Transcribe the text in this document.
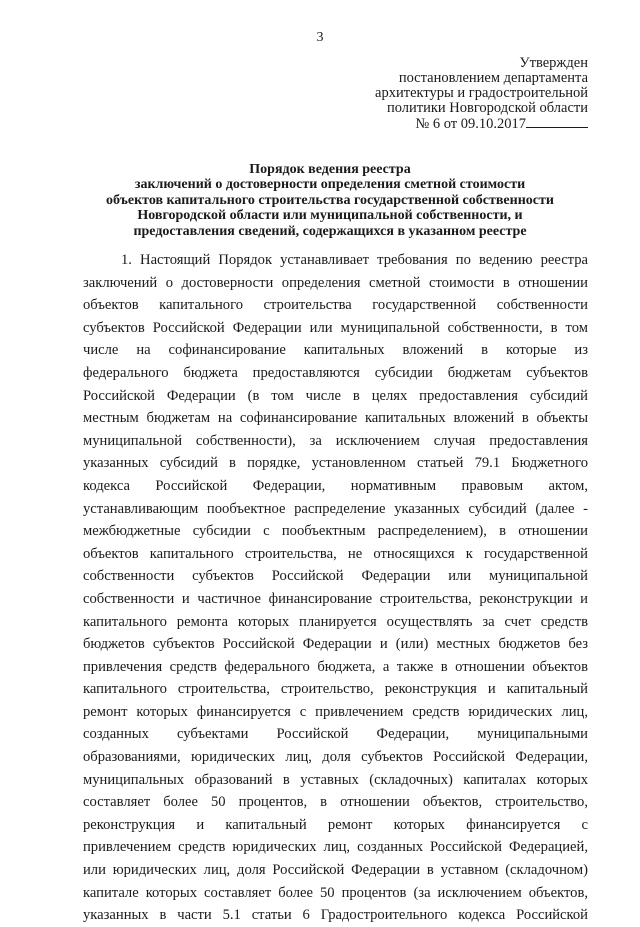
3
Утвержден
постановлением департамента
архитектуры и градостроительной
политики Новгородской области
№ 6 от 09.10.2017
Порядок ведения реестра
заключений о достоверности определения сметной стоимости
объектов капитального строительства государственной собственности
Новгородской области или муниципальной собственности, и
предоставления сведений, содержащихся в указанном реестре
1. Настоящий Порядок устанавливает требования по ведению реестра
заключений о достоверности определения сметной стоимости в отношении
объектов капитального строительства государственной собственности
субъектов Российской Федерации или муниципальной собственности, в том
числе на софинансирование капитальных вложений в которые из
федерального бюджета предоставляются субсидии бюджетам субъектов
Российской Федерации (в том числе в целях предоставления субсидий
местным бюджетам на софинансирование капитальных вложений в объекты
муниципальной собственности), за исключением случая предоставления
указанных субсидий в порядке, установленном статьей 79.1 Бюджетного
кодекса Российской Федерации, нормативным правовым актом,
устанавливающим пообъектное распределение указанных субсидий (далее -
межбюджетные субсидии с пообъектным распределением), в отношении
объектов капитального строительства, не относящихся к государственной
собственности субъектов Российской Федерации или муниципальной
собственности и частичное финансирование строительства, реконструкции и
капитального ремонта которых планируется осуществлять за счет средств
бюджетов субъектов Российской Федерации и (или) местных бюджетов без
привлечения средств федерального бюджета, а также в отношении объектов
капитального строительства, строительство, реконструкция и капитальный
ремонт которых финансируется с привлечением средств юридических лиц,
созданных субъектами Российской Федерации, муниципальными
образованиями, юридических лиц, доля субъектов Российской Федерации,
муниципальных образований в уставных (складочных) капиталах которых
составляет более 50 процентов, в отношении объектов, строительство,
реконструкция и капитальный ремонт которых финансируется с
привлечением средств юридических лиц, созданных Российской Федерацией,
или юридических лиц, доля Российской Федерации в уставном (складочном)
капитале которых составляет более 50 процентов (за исключением объектов,
указанных в части 5.1 статьи 6 Градостроительного кодекса Российской
